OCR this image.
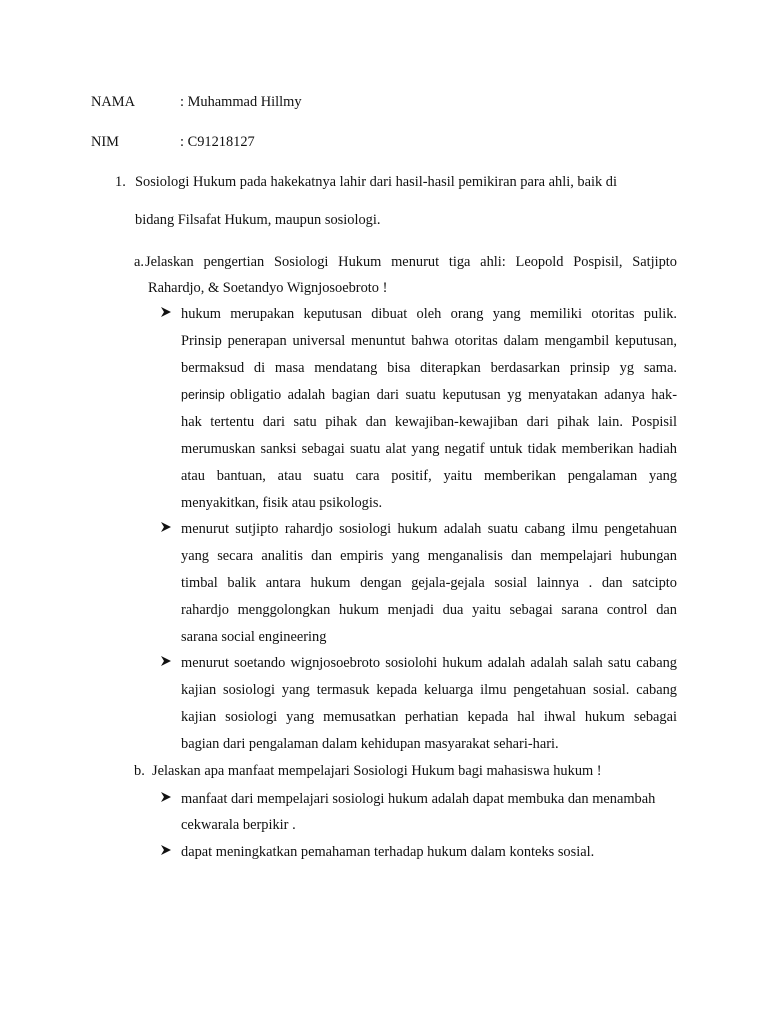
NAMA	: Muhammad Hillmy
NIM	: C91218127
1. Sosiologi Hukum pada hakekatnya lahir dari hasil-hasil pemikiran para ahli, baik di
bidang Filsafat Hukum, maupun sosiologi.
a. Jelaskan pengertian Sosiologi Hukum menurut tiga ahli: Leopold Pospisil, Satjipto
Rahardjo, & Soetandyo Wignjosoebroto !
hukum merupakan keputusan dibuat oleh orang yang memiliki otoritas pulik.
Prinsip penerapan universal menuntut bahwa otoritas dalam mengambil keputusan,
bermaksud di masa mendatang bisa diterapkan berdasarkan prinsip yg sama.
perinsip obligatio adalah bagian dari suatu keputusan yg menyatakan adanya hak-
hak tertentu dari satu pihak dan kewajiban-kewajiban dari pihak lain. Pospisil
merumuskan sanksi sebagai suatu alat yang negatif untuk tidak memberikan hadiah
atau bantuan, atau suatu cara positif, yaitu memberikan pengalaman yang
menyakitkan, fisik atau psikologis.
menurut sutjipto rahardjo sosiologi hukum adalah suatu cabang ilmu pengetahuan
yang secara analitis dan empiris yang menganalisis dan mempelajari hubungan
timbal balik antara hukum dengan gejala-gejala sosial lainnya . dan satcipto
rahardjo menggolongkan hukum menjadi dua yaitu sebagai sarana control dan
sarana social engineering
menurut soetando wignjosoebroto sosiolohi hukum adalah adalah salah satu cabang
kajian sosiologi yang termasuk kepada keluarga ilmu pengetahuan sosial. cabang
kajian sosiologi yang memusatkan perhatian kepada hal ihwal hukum sebagai
bagian dari pengalaman dalam kehidupan masyarakat sehari-hari.
b. Jelaskan apa manfaat mempelajari Sosiologi Hukum bagi mahasiswa hukum !
manfaat dari mempelajari sosiologi hukum adalah dapat membuka dan menambah
cekwarala berpikir .
dapat meningkatkan pemahaman terhadap hukum dalam konteks sosial.
